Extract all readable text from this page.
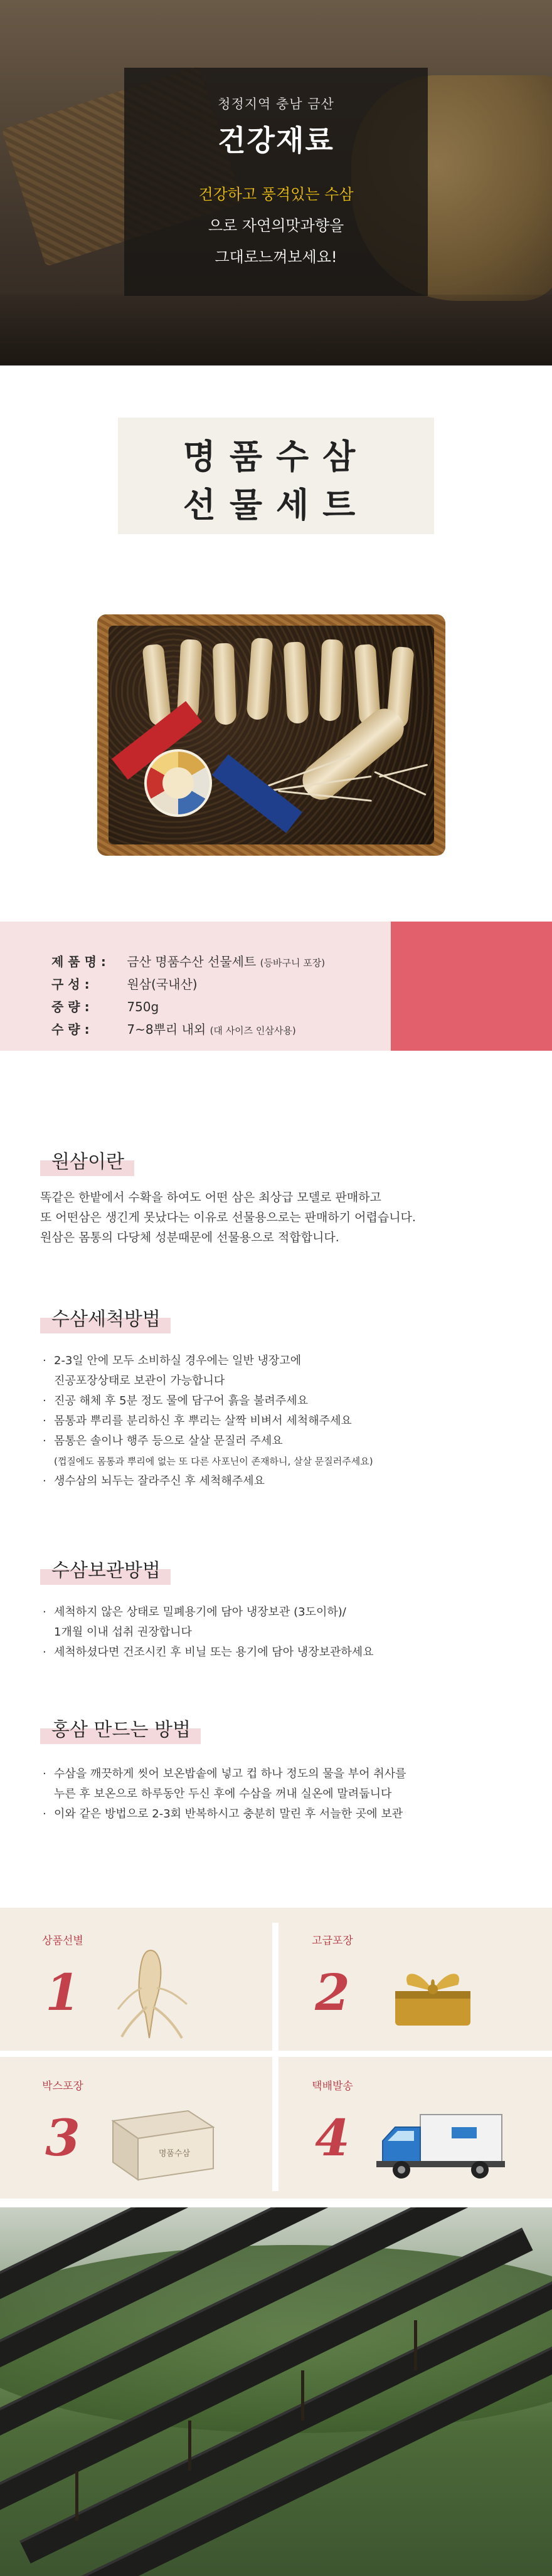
청정지역 충남 금산
건강재료
건강하고 풍격있는 수삼
으로 자연의맛과향을
그대로느껴보세요!
명품수삼
선물세트
제 품 명 : 금산 명품수산 선물세트 (등바구니 포장)
구 성 :	원삼(국내산)
중 량 :	750g
수 량 :	7~8뿌리 내외 (대 사이즈 인삼사용)
원삼이란
똑같은 한밭에서 수확을 하여도 어떤 삼은 최상급 모델로 판매하고
또 어떤삼은 생긴게 못났다는 이유로 선물용으로는 판매하기 어렵습니다.
원삼은 몸통의 다당체 성분때문에 선물용으로 적합합니다.
수삼세척방법
· 2-3일 안에 모두 소비하실 경우에는 일반 냉장고에
진공포장상태로 보관이 가능합니다
· 진공 해체 후 5분 정도 물에 담구어 흙을 불려주세요
· 몸통과 뿌리를 분리하신 후 뿌리는 살짝 비벼서 세척해주세요
· 몸통은 솔이나 행주 등으로 살살 문질러 주세요
(껍질에도 몸통과 뿌리에 없는 또 다른 사포닌이 존재하니, 살살 문질러주세요)
· 생수삼의 뇌두는 잘라주신 후 세척해주세요
수삼보관방법
· 세척하지 않은 상태로 밀폐용기에 담아 냉장보관 (3도이하)/
1개월 이내 섭취 권장합니다
· 세척하셨다면 건조시킨 후 비닐 또는 용기에 담아 냉장보관하세요
홍삼 만드는 방법
· 수삼을 깨끗하게 씻어 보온밥솥에 넣고 컵 하나 정도의 물을 부어 취사를
누른 후 보온으로 하루동안 두신 후에 수삼을 꺼내 실온에 말려둡니다
· 이와 같은 방법으로 2-3회 반복하시고 충분히 말린 후 서늘한 곳에 보관
상품선별
1
고급포장
2
박스포장
3	명품수삼
택배발송
4
